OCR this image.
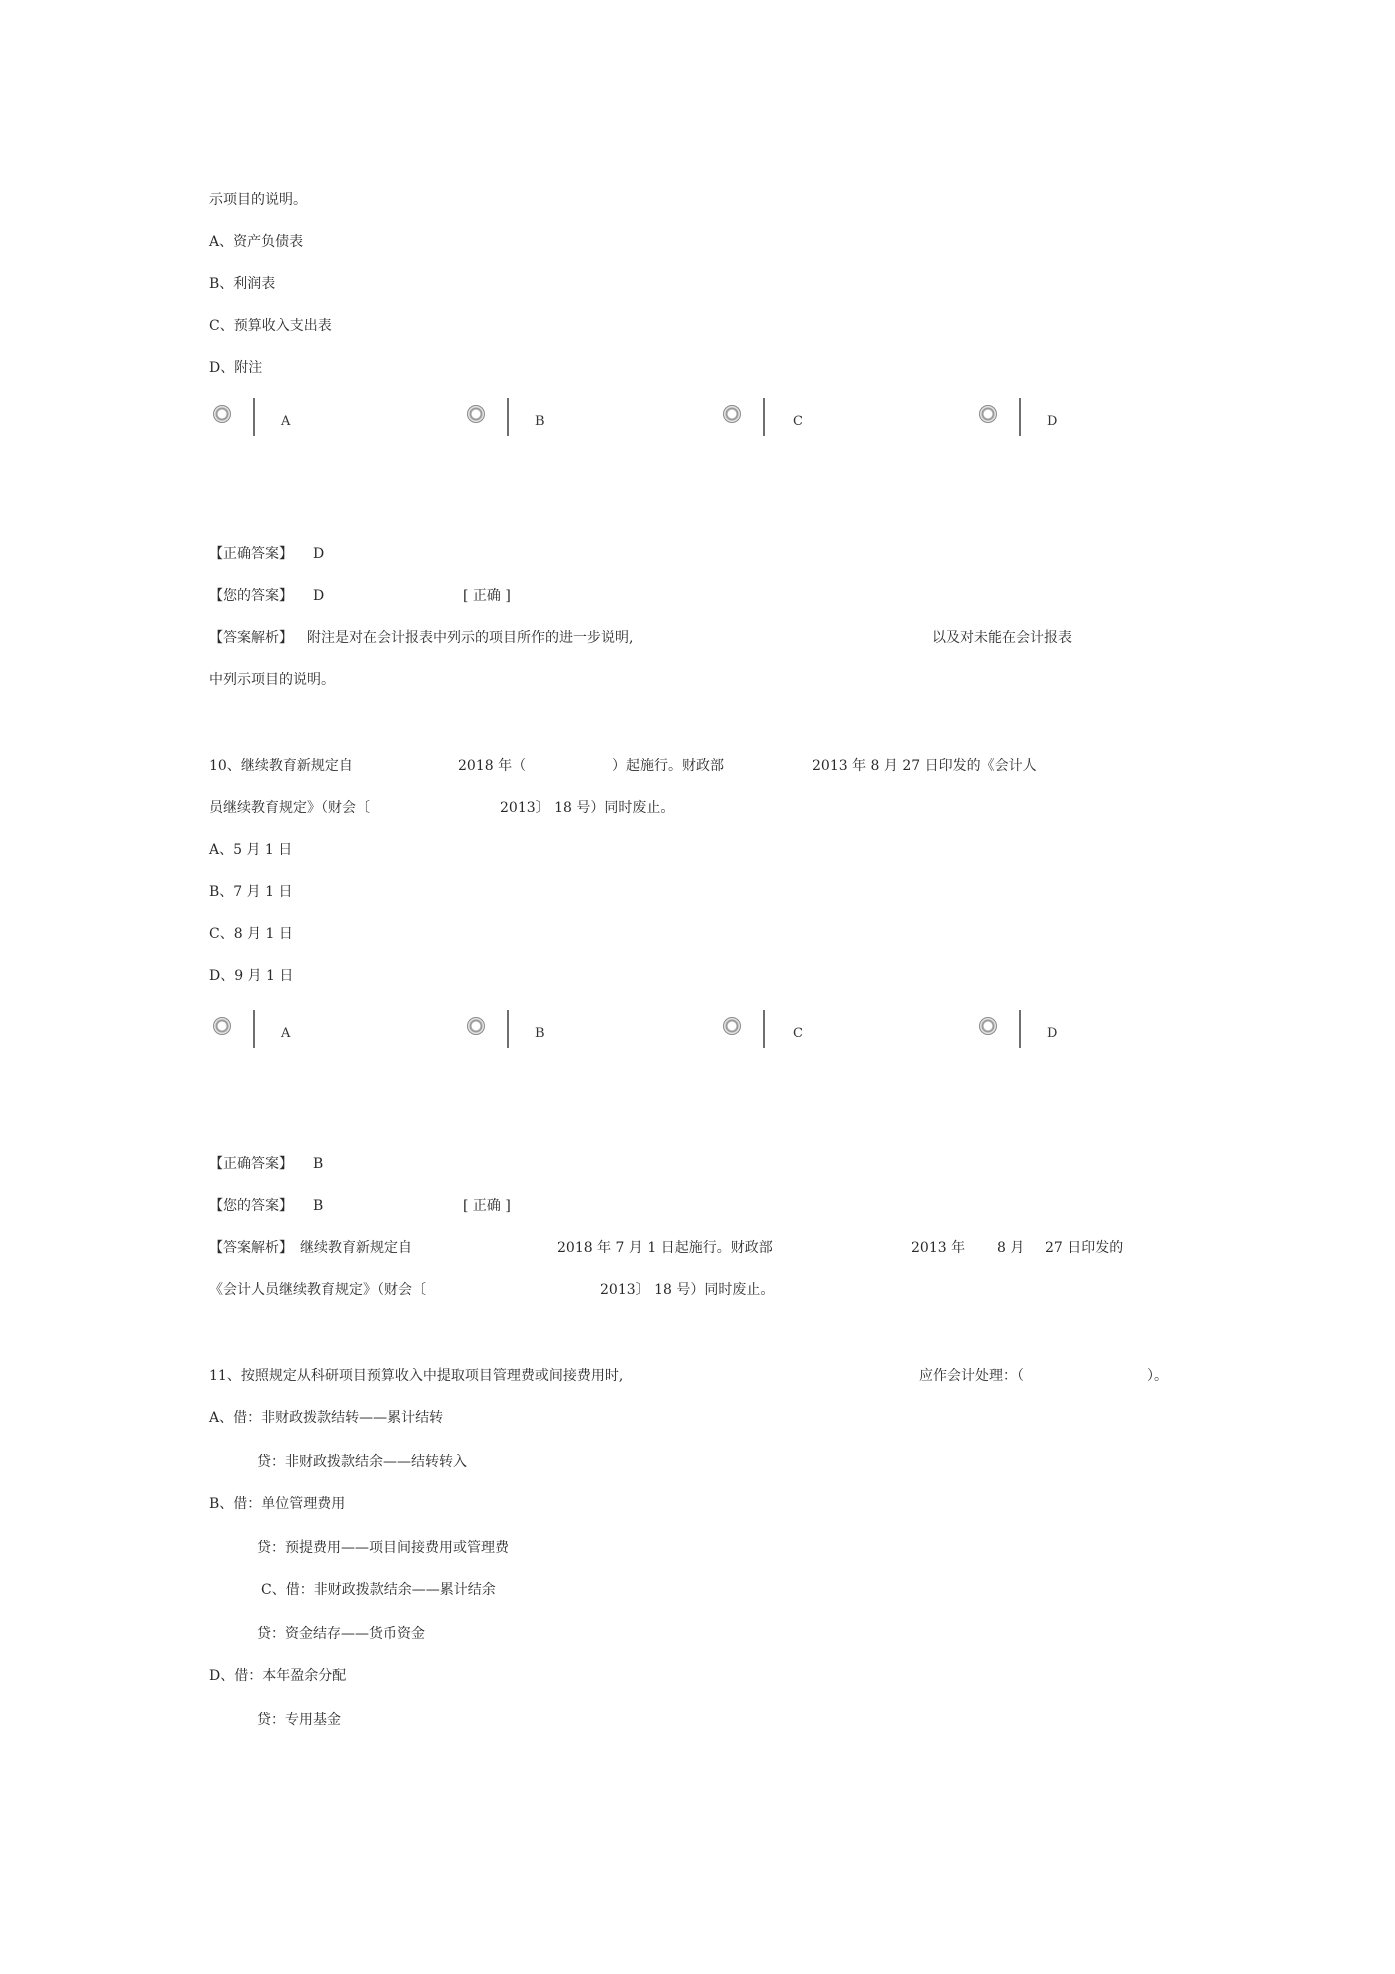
示项目的说明。
A、资产负债表
B、利润表
C、预算收入支出表
D、附注
A	B	C	D
【正确答案】 D
【您的答案】 D	[ 正确 ]
【答案解析】 附注是对在会计报表中列示的项目所作的进一步说明,	以及对未能在会计报表
中列示项目的说明。
10、继续教育新规定自	2018 年（	）起施行。财政部	2013 年 8 月 27 日印发的《会计人
员继续教育规定》（财会〔	2013〕 18 号）同时废止。
A、5 月 1 日
B、7 月 1 日
C、8 月 1 日
D、9 月 1 日
A	B	C	D
【正确答案】 B
【您的答案】 B	[ 正确 ]
【答案解析】 继续教育新规定自	2018 年 7 月 1 日起施行。财政部	2013 年 8 月 27 日印发的
《会计人员继续教育规定》（财会〔	2013〕 18 号）同时废止。
11、按照规定从科研项目预算收入中提取项目管理费或间接费用时,	应作会计处理：（	）。
A、借：非财政拨款结转——累计结转
贷：非财政拨款结余——结转转入
B、借：单位管理费用
贷：预提费用——项目间接费用或管理费
C、借：非财政拨款结余——累计结余
贷：资金结存——货币资金
D、借：本年盈余分配
贷：专用基金
